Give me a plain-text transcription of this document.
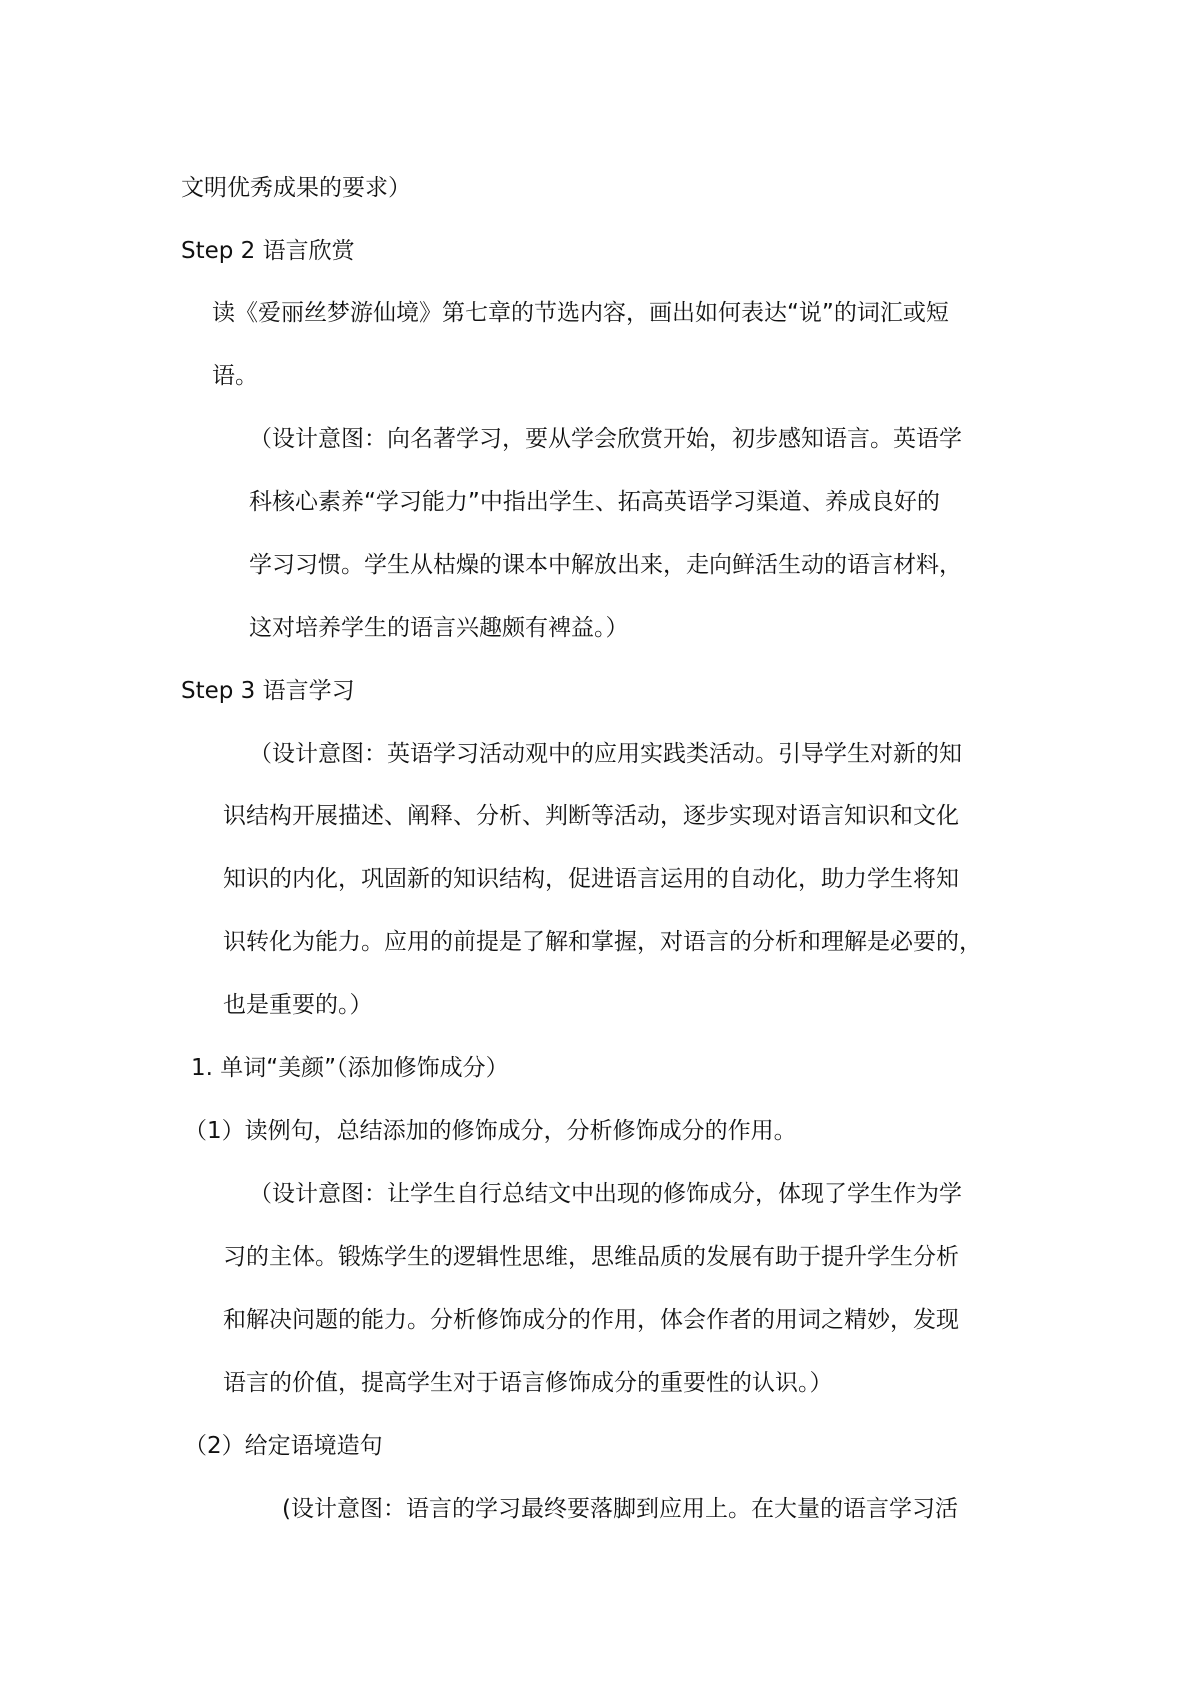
文明优秀成果的要求）
Step 2 语言欣赏
读《爱丽丝梦游仙境》第七章的节选内容，画出如何表达“说”的词汇或短
语。
（设计意图：向名著学习，要从学会欣赏开始，初步感知语言。英语学
科核心素养“学习能力”中指出学生、拓高英语学习渠道、养成良好的
学习习惯。学生从枯燥的课本中解放出来，走向鲜活生动的语言材料，
这对培养学生的语言兴趣颇有裨益。）
Step 3 语言学习
（设计意图：英语学习活动观中的应用实践类活动。引导学生对新的知
识结构开展描述、阐释、分析、判断等活动，逐步实现对语言知识和文化
知识的内化，巩固新的知识结构，促进语言运用的自动化，助力学生将知
识转化为能力。应用的前提是了解和掌握，对语言的分析和理解是必要的，
也是重要的。）
1. 单词“美颜”（添加修饰成分）
（1）读例句，总结添加的修饰成分，分析修饰成分的作用。
（设计意图：让学生自行总结文中出现的修饰成分，体现了学生作为学
习的主体。锻炼学生的逻辑性思维，思维品质的发展有助于提升学生分析
和解决问题的能力。分析修饰成分的作用，体会作者的用词之精妙，发现
语言的价值，提高学生对于语言修饰成分的重要性的认识。）
（2）给定语境造句
(设计意图：语言的学习最终要落脚到应用上。在大量的语言学习活
